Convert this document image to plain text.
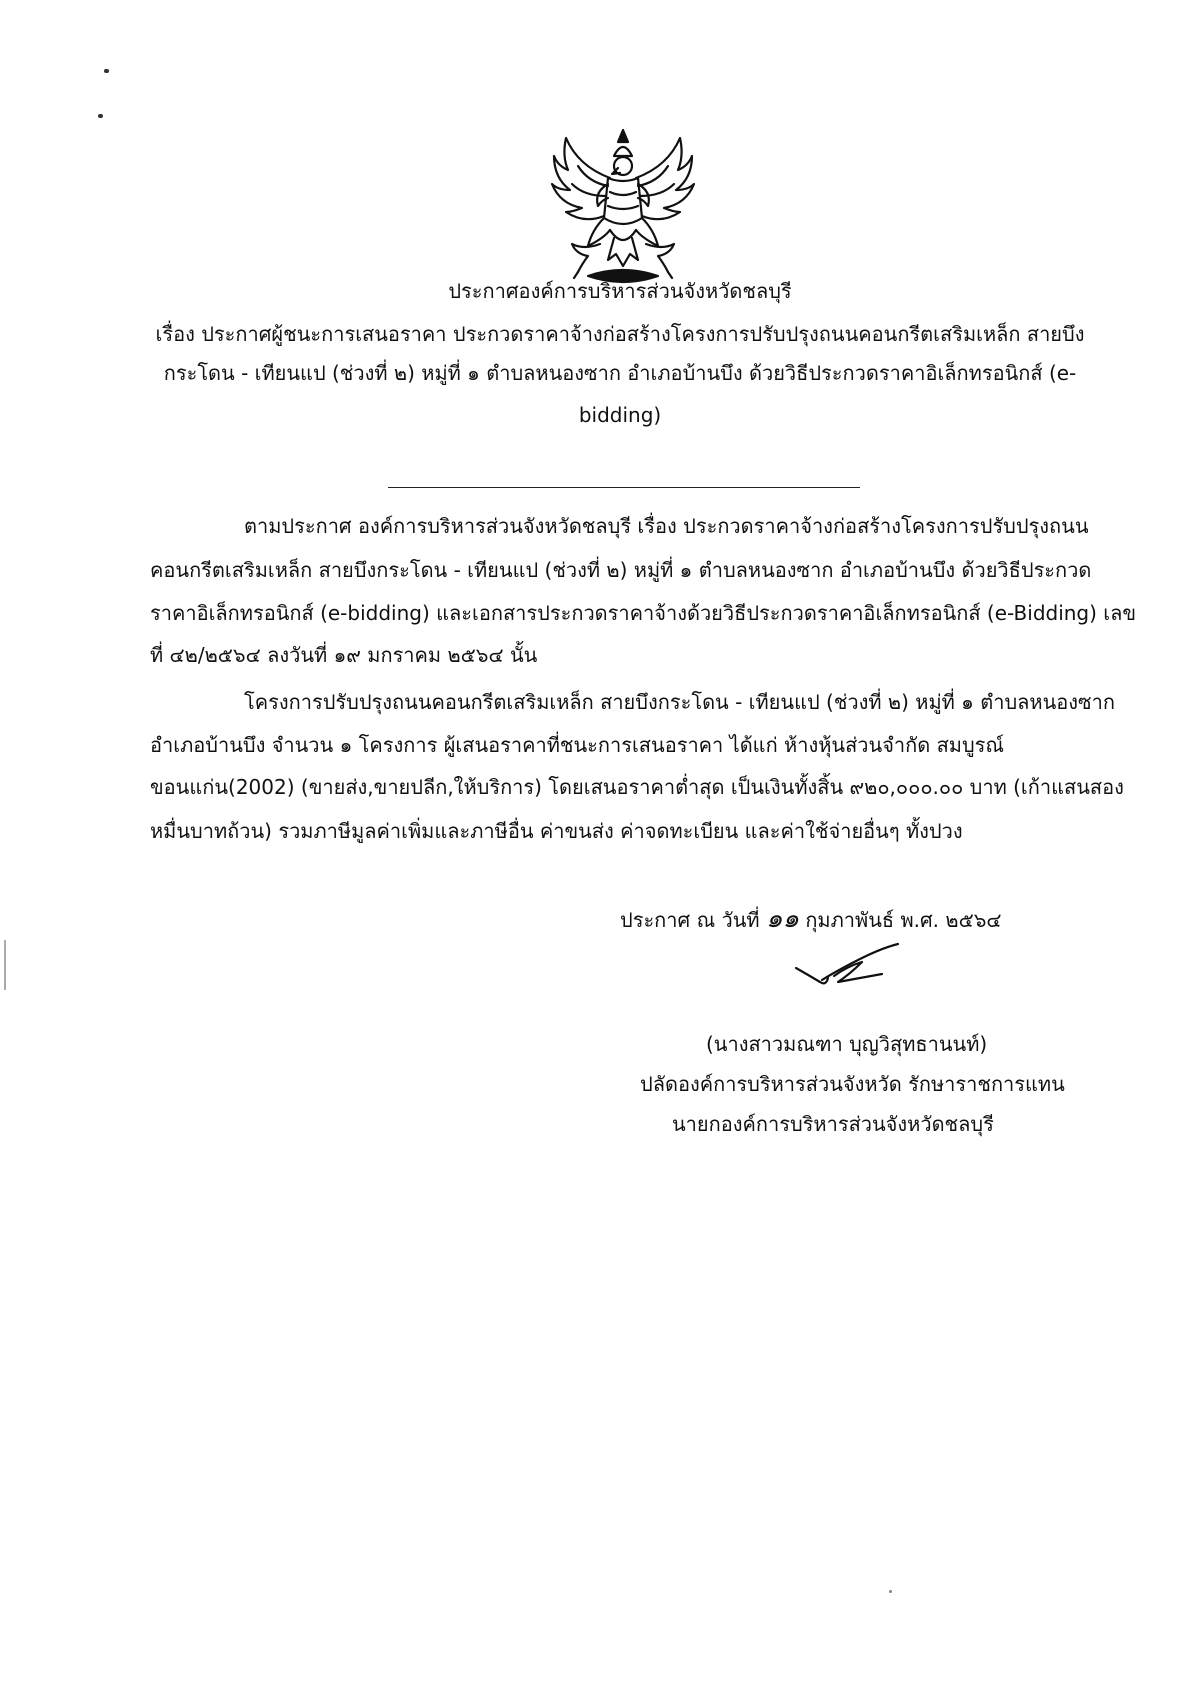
ประกาศองค์การบริหารส่วนจังหวัดชลบุรี
เรื่อง ประกาศผู้ชนะการเสนอราคา ประกวดราคาจ้างก่อสร้างโครงการปรับปรุงถนนคอนกรีตเสริมเหล็ก สายบึง
กระโดน - เทียนแป (ช่วงที่ ๒) หมู่ที่ ๑ ตำบลหนองซาก อำเภอบ้านบึง ด้วยวิธีประกวดราคาอิเล็กทรอนิกส์ (e-
bidding)
ตามประกาศ องค์การบริหารส่วนจังหวัดชลบุรี เรื่อง ประกวดราคาจ้างก่อสร้างโครงการปรับปรุงถนน
คอนกรีตเสริมเหล็ก สายบึงกระโดน - เทียนแป (ช่วงที่ ๒) หมู่ที่ ๑ ตำบลหนองซาก อำเภอบ้านบึง ด้วยวิธีประกวด
ราคาอิเล็กทรอนิกส์ (e-bidding) และเอกสารประกวดราคาจ้างด้วยวิธีประกวดราคาอิเล็กทรอนิกส์ (e-Bidding) เลข
ที่ ๔๒/๒๕๖๔ ลงวันที่ ๑๙ มกราคม ๒๕๖๔ นั้น
โครงการปรับปรุงถนนคอนกรีตเสริมเหล็ก สายบึงกระโดน - เทียนแป (ช่วงที่ ๒) หมู่ที่ ๑ ตำบลหนองซาก
อำเภอบ้านบึง จำนวน ๑ โครงการ ผู้เสนอราคาที่ชนะการเสนอราคา ได้แก่ ห้างหุ้นส่วนจำกัด สมบูรณ์
ขอนแก่น(2002) (ขายส่ง,ขายปลีก,ให้บริการ) โดยเสนอราคาต่ำสุด เป็นเงินทั้งสิ้น ๙๒๐,๐๐๐.๐๐ บาท (เก้าแสนสอง
หมื่นบาทถ้วน) รวมภาษีมูลค่าเพิ่มและภาษีอื่น ค่าขนส่ง ค่าจดทะเบียน และค่าใช้จ่ายอื่นๆ ทั้งปวง
ประกาศ ณ วันที่ ๑๑ กุมภาพันธ์ พ.ศ. ๒๕๖๔
(นางสาวมณฑา บุญวิสุทธานนท์)
ปลัดองค์การบริหารส่วนจังหวัด รักษาราชการแทน
นายกองค์การบริหารส่วนจังหวัดชลบุรี
